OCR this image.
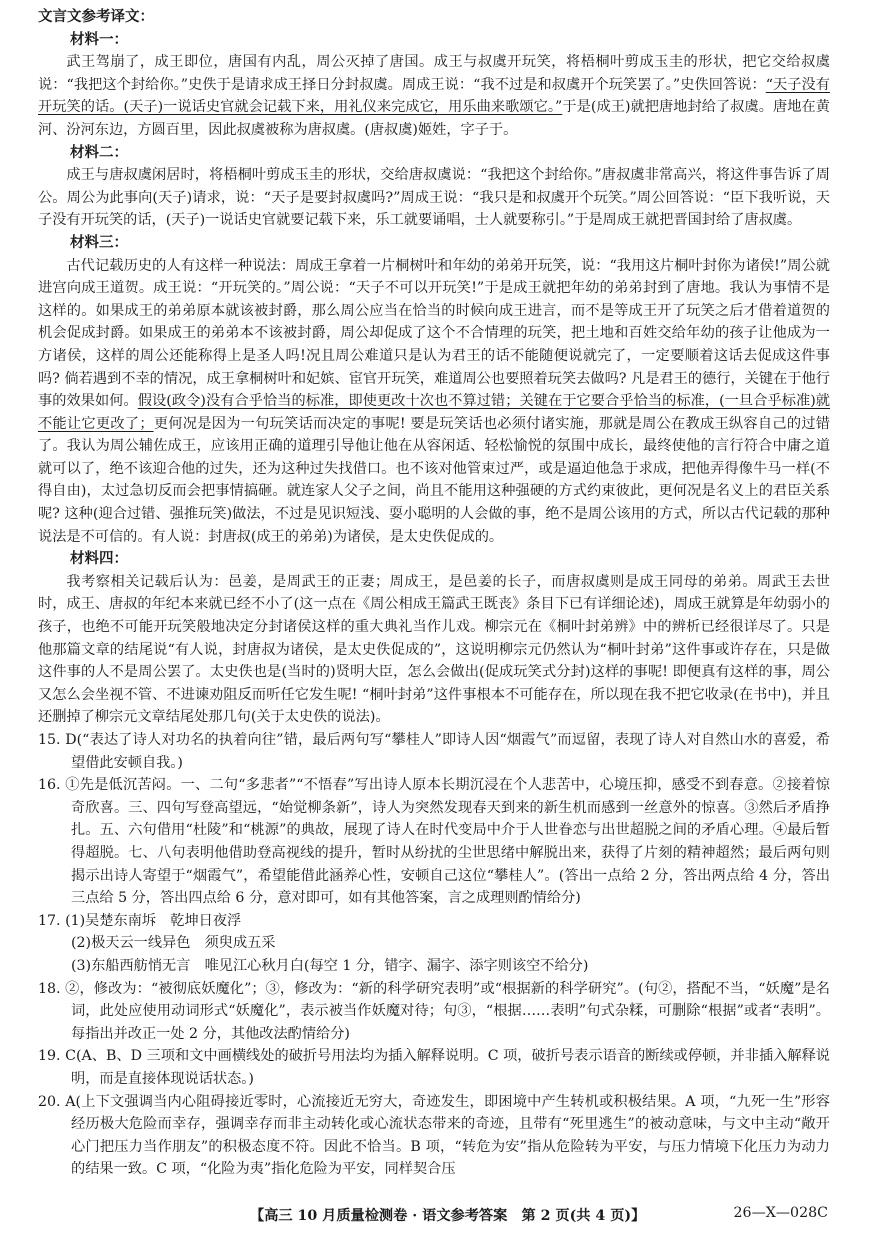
文言文参考译文：

材料一：

武王驾崩了，成王即位，唐国有内乱，周公灭掉了唐国。成王与叔虞开玩笑，将梧桐叶剪成玉圭的形状，把它交给叔虞说：“我把这个封给你。”史佚于是请求成王择日分封叔虞。周成王说：“我不过是和叔虞开个玩笑罢了。”史佚回答说：“天子没有开玩笑的话。(天子)一说话史官就会记载下来，用礼仪来完成它，用乐曲来歌颂它。”于是(成王)就把唐地封给了叔虞。唐地在黄河、汾河东边，方圆百里，因此叔虞被称为唐叔虞。(唐叔虞)姬姓，字子于。

材料二：

成王与唐叔虞闲居时，将梧桐叶剪成玉圭的形状，交给唐叔虞说：“我把这个封给你。”唐叔虞非常高兴，将这件事告诉了周公。周公为此事向(天子)请求，说：“天子是要封叔虞吗?”周成王说：“我只是和叔虞开个玩笑。”周公回答说：“臣下我听说，天子没有开玩笑的话，(天子)一说话史官就要记载下来，乐工就要诵唱，士人就要称引。”于是周成王就把晋国封给了唐叔虞。

材料三：

古代记载历史的人有这样一种说法：周成王拿着一片桐树叶和年幼的弟弟开玩笑，说：“我用这片桐叶封你为诸侯!”周公就进宫向成王道贺。成王说：“开玩笑的。”周公说：“天子不可以开玩笑!”于是成王就把年幼的弟弟封到了唐地。我认为事情不是这样的。如果成王的弟弟原本就该被封爵，那么周公应当在恰当的时候向成王进言，而不是等成王开了玩笑之后才借着道贺的机会促成封爵。如果成王的弟弟本不该被封爵，周公却促成了这个不合情理的玩笑，把土地和百姓交给年幼的孩子让他成为一方诸侯，这样的周公还能称得上是圣人吗!况且周公难道只是认为君王的话不能随便说就完了，一定要顺着这话去促成这件事吗? 倘若遇到不幸的情况，成王拿桐树叶和妃嫔、宦官开玩笑，难道周公也要照着玩笑去做吗? 凡是君王的德行，关键在于他行事的效果如何。假设(政令)没有合乎恰当的标准，即使更改十次也不算过错；关键在于它要合乎恰当的标准，(一旦合乎标准)就不能让它更改了；更何况是因为一句玩笑话而决定的事呢! 要是玩笑话也必须付诸实施，那就是周公在教成王纵容自己的过错了。我认为周公辅佐成王，应该用正确的道理引导他让他在从容闲适、轻松愉悦的氛围中成长，最终使他的言行符合中庸之道就可以了，绝不该迎合他的过失，还为这种过失找借口。也不该对他管束过严，或是逼迫他急于求成，把他弄得像牛马一样(不得自由)，太过急切反而会把事情搞砸。就连家人父子之间，尚且不能用这种强硬的方式约束彼此，更何况是名义上的君臣关系呢? 这种(迎合过错、强推玩笑)做法，不过是见识短浅、耍小聪明的人会做的事，绝不是周公该用的方式，所以古代记载的那种说法是不可信的。有人说：封唐叔(成王的弟弟)为诸侯，是太史佚促成的。

材料四：

我考察相关记载后认为：邑姜，是周武王的正妻；周成王，是邑姜的长子，而唐叔虞则是成王同母的弟弟。周武王去世时，成王、唐叔的年纪本来就已经不小了(这一点在《周公相成王篇武王既丧》条目下已有详细论述)，周成王就算是年幼弱小的孩子，也绝不可能开玩笑般地决定分封诸侯这样的重大典礼当作儿戏。柳宗元在《桐叶封弟辨》中的辨析已经很详尽了。只是他那篇文章的结尾说“有人说，封唐叔为诸侯，是太史佚促成的”，这说明柳宗元仍然认为“桐叶封弟”这件事或许存在，只是做这件事的人不是周公罢了。太史佚也是(当时的)贤明大臣，怎么会做出(促成玩笑式分封)这样的事呢! 即便真有这样的事，周公又怎么会坐视不管、不进谏劝阻反而听任它发生呢! “桐叶封弟”这件事根本不可能存在，所以现在我不把它收录(在书中)，并且还删掉了柳宗元文章结尾处那几句(关于太史佚的说法)。

15. D(“表达了诗人对功名的执着向往”错，最后两句写“攀桂人”即诗人因“烟霞气”而逗留，表现了诗人对自然山水的喜爱，希望借此安顿自我。)

16. ①先是低沉苦闷。一、二句“多悲者”“不悟春”写出诗人原本长期沉浸在个人悲苦中，心境压抑，感受不到春意。②接着惊奇欣喜。三、四句写登高望远，“始觉柳条新”，诗人为突然发现春天到来的新生机而感到一丝意外的惊喜。③然后矛盾挣扎。五、六句借用“杜陵”和“桃源”的典故，展现了诗人在时代变局中介于人世眷恋与出世超脱之间的矛盾心理。④最后暂得超脱。七、八句表明他借助登高视线的提升，暂时从纷扰的尘世思绪中解脱出来，获得了片刻的精神超然；最后两句则揭示出诗人寄望于“烟霞气”，希望能借此涵养心性，安顿自己这位“攀桂人”。(答出一点给 2 分，答出两点给 4 分，答出三点给 5 分，答出四点给 6 分，意对即可，如有其他答案，言之成理则酌情给分)

17. (1)吴楚东南坼　乾坤日夜浮

(2)极天云一线异色　须臾成五采

(3)东船西舫悄无言　唯见江心秋月白(每空 1 分，错字、漏字、添字则该空不给分)

18. ②，修改为：“被彻底妖魔化”；③，修改为：“新的科学研究表明”或“根据新的科学研究”。(句②，搭配不当，“妖魔”是名词，此处应使用动词形式“妖魔化”，表示被当作妖魔对待；句③，“根据……表明”句式杂糅，可删除“根据”或者“表明”。每指出并改正一处 2 分，其他改法酌情给分)

19. C(A、B、D 三项和文中画横线处的破折号用法均为插入解释说明。C 项，破折号表示语音的断续或停顿，并非插入解释说明，而是直接体现说话状态。)

20. A(上下文强调当内心阻碍接近零时，心流接近无穷大，奇迹发生，即困境中产生转机或积极结果。A 项，“九死一生”形容经历极大危险而幸存，强调幸存而非主动转化或心流状态带来的奇迹，且带有“死里逃生”的被动意味，与文中主动“敞开心门把压力当作朋友”的积极态度不符。因此不恰当。B 项，“转危为安”指从危险转为平安，与压力情境下化压力为动力的结果一致。C 项，“化险为夷”指化危险为平安，同样契合压

【高三 10 月质量检测卷 · 语文参考答案　第 2 页(共 4 页)】	26—X—028C
